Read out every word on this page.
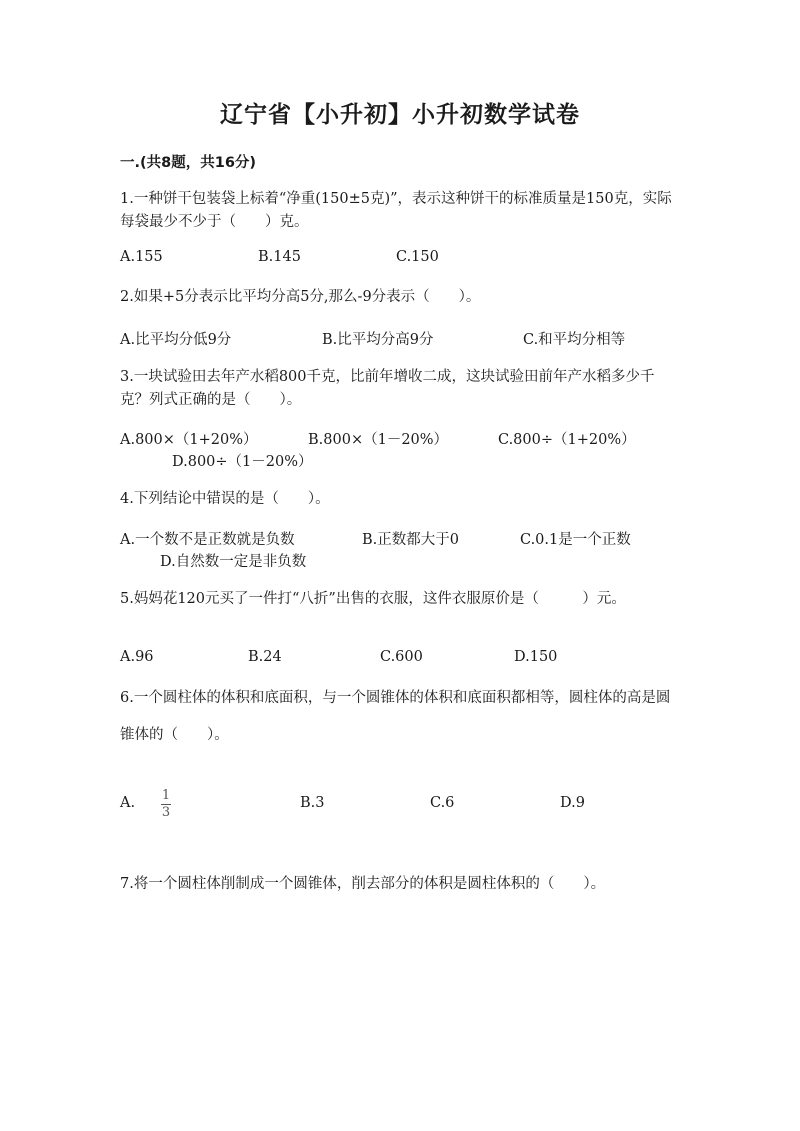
辽宁省【小升初】小升初数学试卷
一.(共8题，共16分)
1.一种饼干包装袋上标着“净重(150±5克)”，表示这种饼干的标准质量是150克，实际每袋最少不少于（　　）克。
A.155	B.145	C.150
2.如果+5分表示比平均分高5分,那么-9分表示（　　）。
A.比平均分低9分	B.比平均分高9分	C.和平均分相等
3.一块试验田去年产水稻800千克，比前年增收二成，这块试验田前年产水稻多少千克？列式正确的是（　　）。
A.800×（1+20%）	B.800×（1－20%）	C.800÷（1+20%）
D.800÷（1－20%）
4.下列结论中错误的是（　　）。
A.一个数不是正数就是负数	B.正数都大于0	C.0.1是一个正数
D.自然数一定是非负数
5.妈妈花120元买了一件打“八折”出售的衣服，这件衣服原价是（　　　）元。
A.96	B.24	C.600	D.150
6.一个圆柱体的体积和底面积，与一个圆锥体的体积和底面积都相等，圆柱体的高是圆锥体的（　　）。
A. 1
3
B.3	C.6	D.9
7.将一个圆柱体削制成一个圆锥体，削去部分的体积是圆柱体积的（　　）。
